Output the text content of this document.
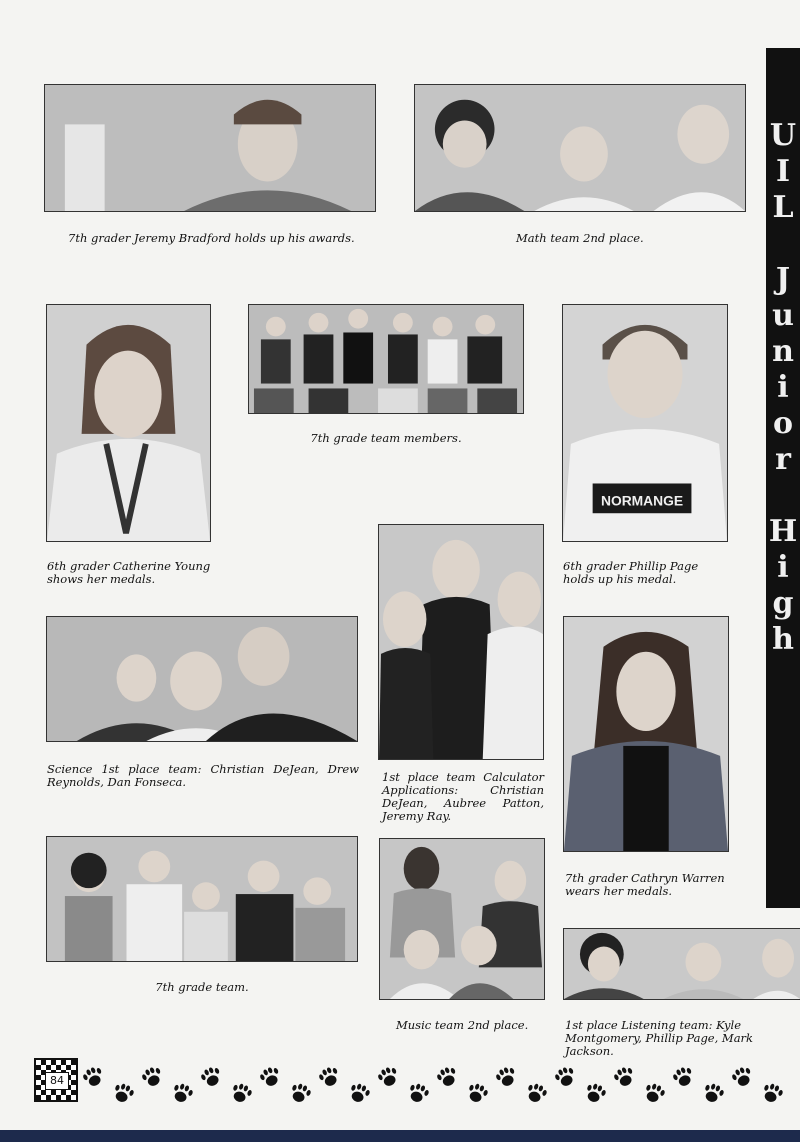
U
I
L

J
u
n
i
o
r

H
i
g
h
NORMANGE
7th grader Jeremy Bradford holds up his awards.	Math team 2nd place.
7th grade team members.
6th grader Catherine Young shows her medals.
6th grader Phillip Page holds up his medal.
Science 1st place team: Christian DeJean, Drew Reynolds, Dan Fonseca.	1st place team Calculator Applications: Christian DeJean, Aubree Patton, Jeremy Ray.
7th grader Cathryn Warren wears her medals.
7th grade team.
Music team 2nd place.	1st place Listening team: Kyle Montgomery, Phillip Page, Mark Jackson.
84
